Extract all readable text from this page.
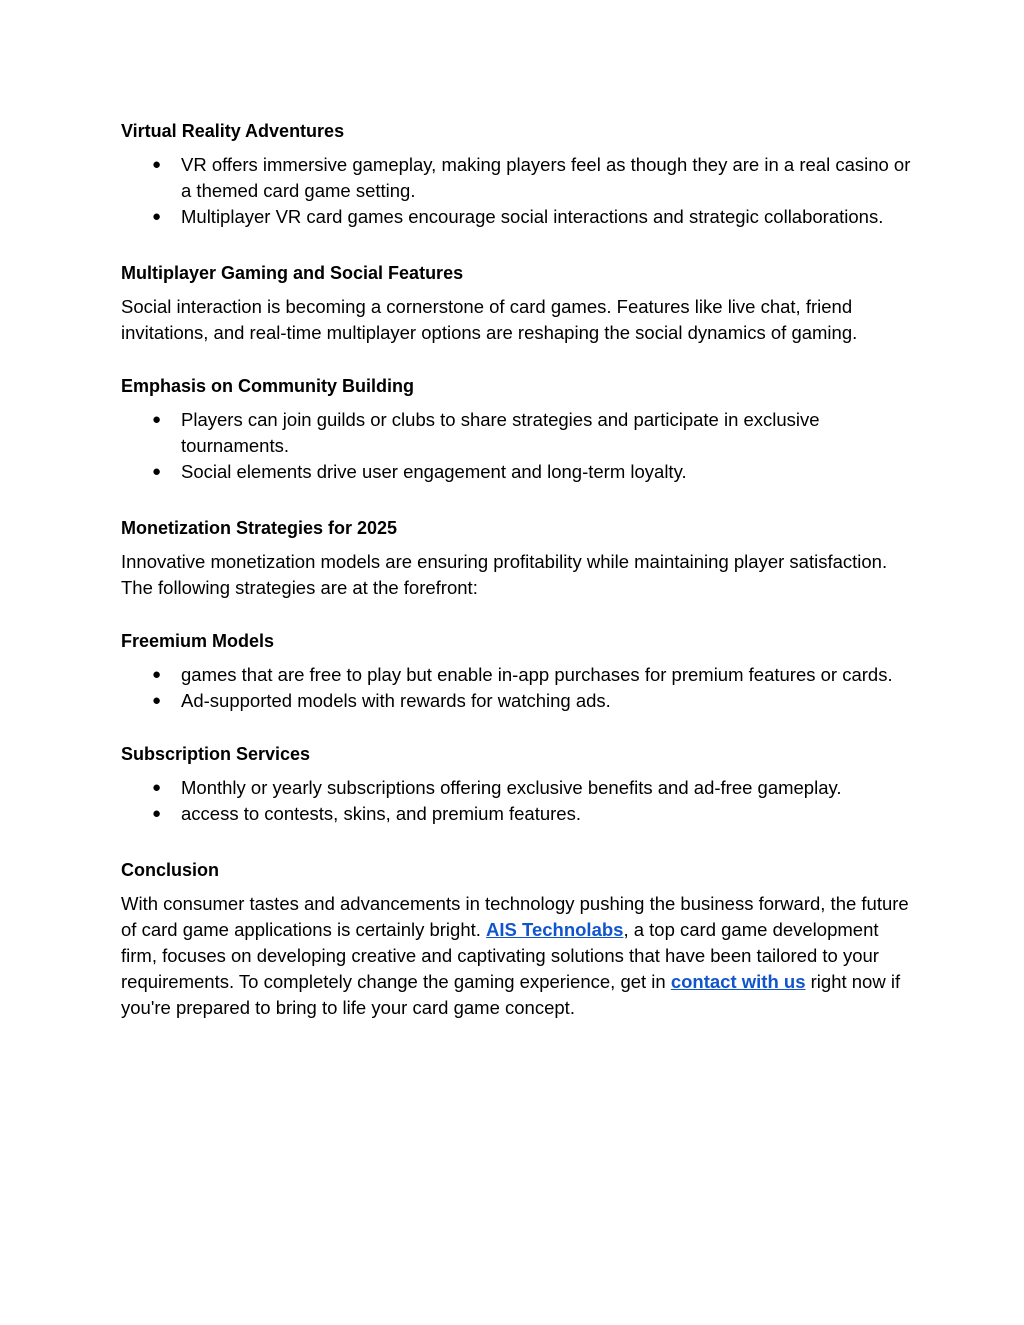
Virtual Reality Adventures
● VR offers immersive gameplay, making players feel as though they are in a real casino or a themed card game setting.
● Multiplayer VR card games encourage social interactions and strategic collaborations.
Multiplayer Gaming and Social Features

Social interaction is becoming a cornerstone of card games. Features like live chat, friend invitations, and real-time multiplayer options are reshaping the social dynamics of gaming.

Emphasis on Community Building
● Players can join guilds or clubs to share strategies and participate in exclusive tournaments.
● Social elements drive user engagement and long-term loyalty.
Monetization Strategies for 2025

Innovative monetization models are ensuring profitability while maintaining player satisfaction. The following strategies are at the forefront:

Freemium Models
● games that are free to play but enable in-app purchases for premium features or cards.
● Ad-supported models with rewards for watching ads.
Subscription Services
● Monthly or yearly subscriptions offering exclusive benefits and ad-free gameplay.
● access to contests, skins, and premium features.
Conclusion

With consumer tastes and advancements in technology pushing the business forward, the future of card game applications is certainly bright. AIS Technolabs, a top card game development firm, focuses on developing creative and captivating solutions that have been tailored to your requirements. To completely change the gaming experience, get in contact with us right now if you're prepared to bring to life your card game concept.
